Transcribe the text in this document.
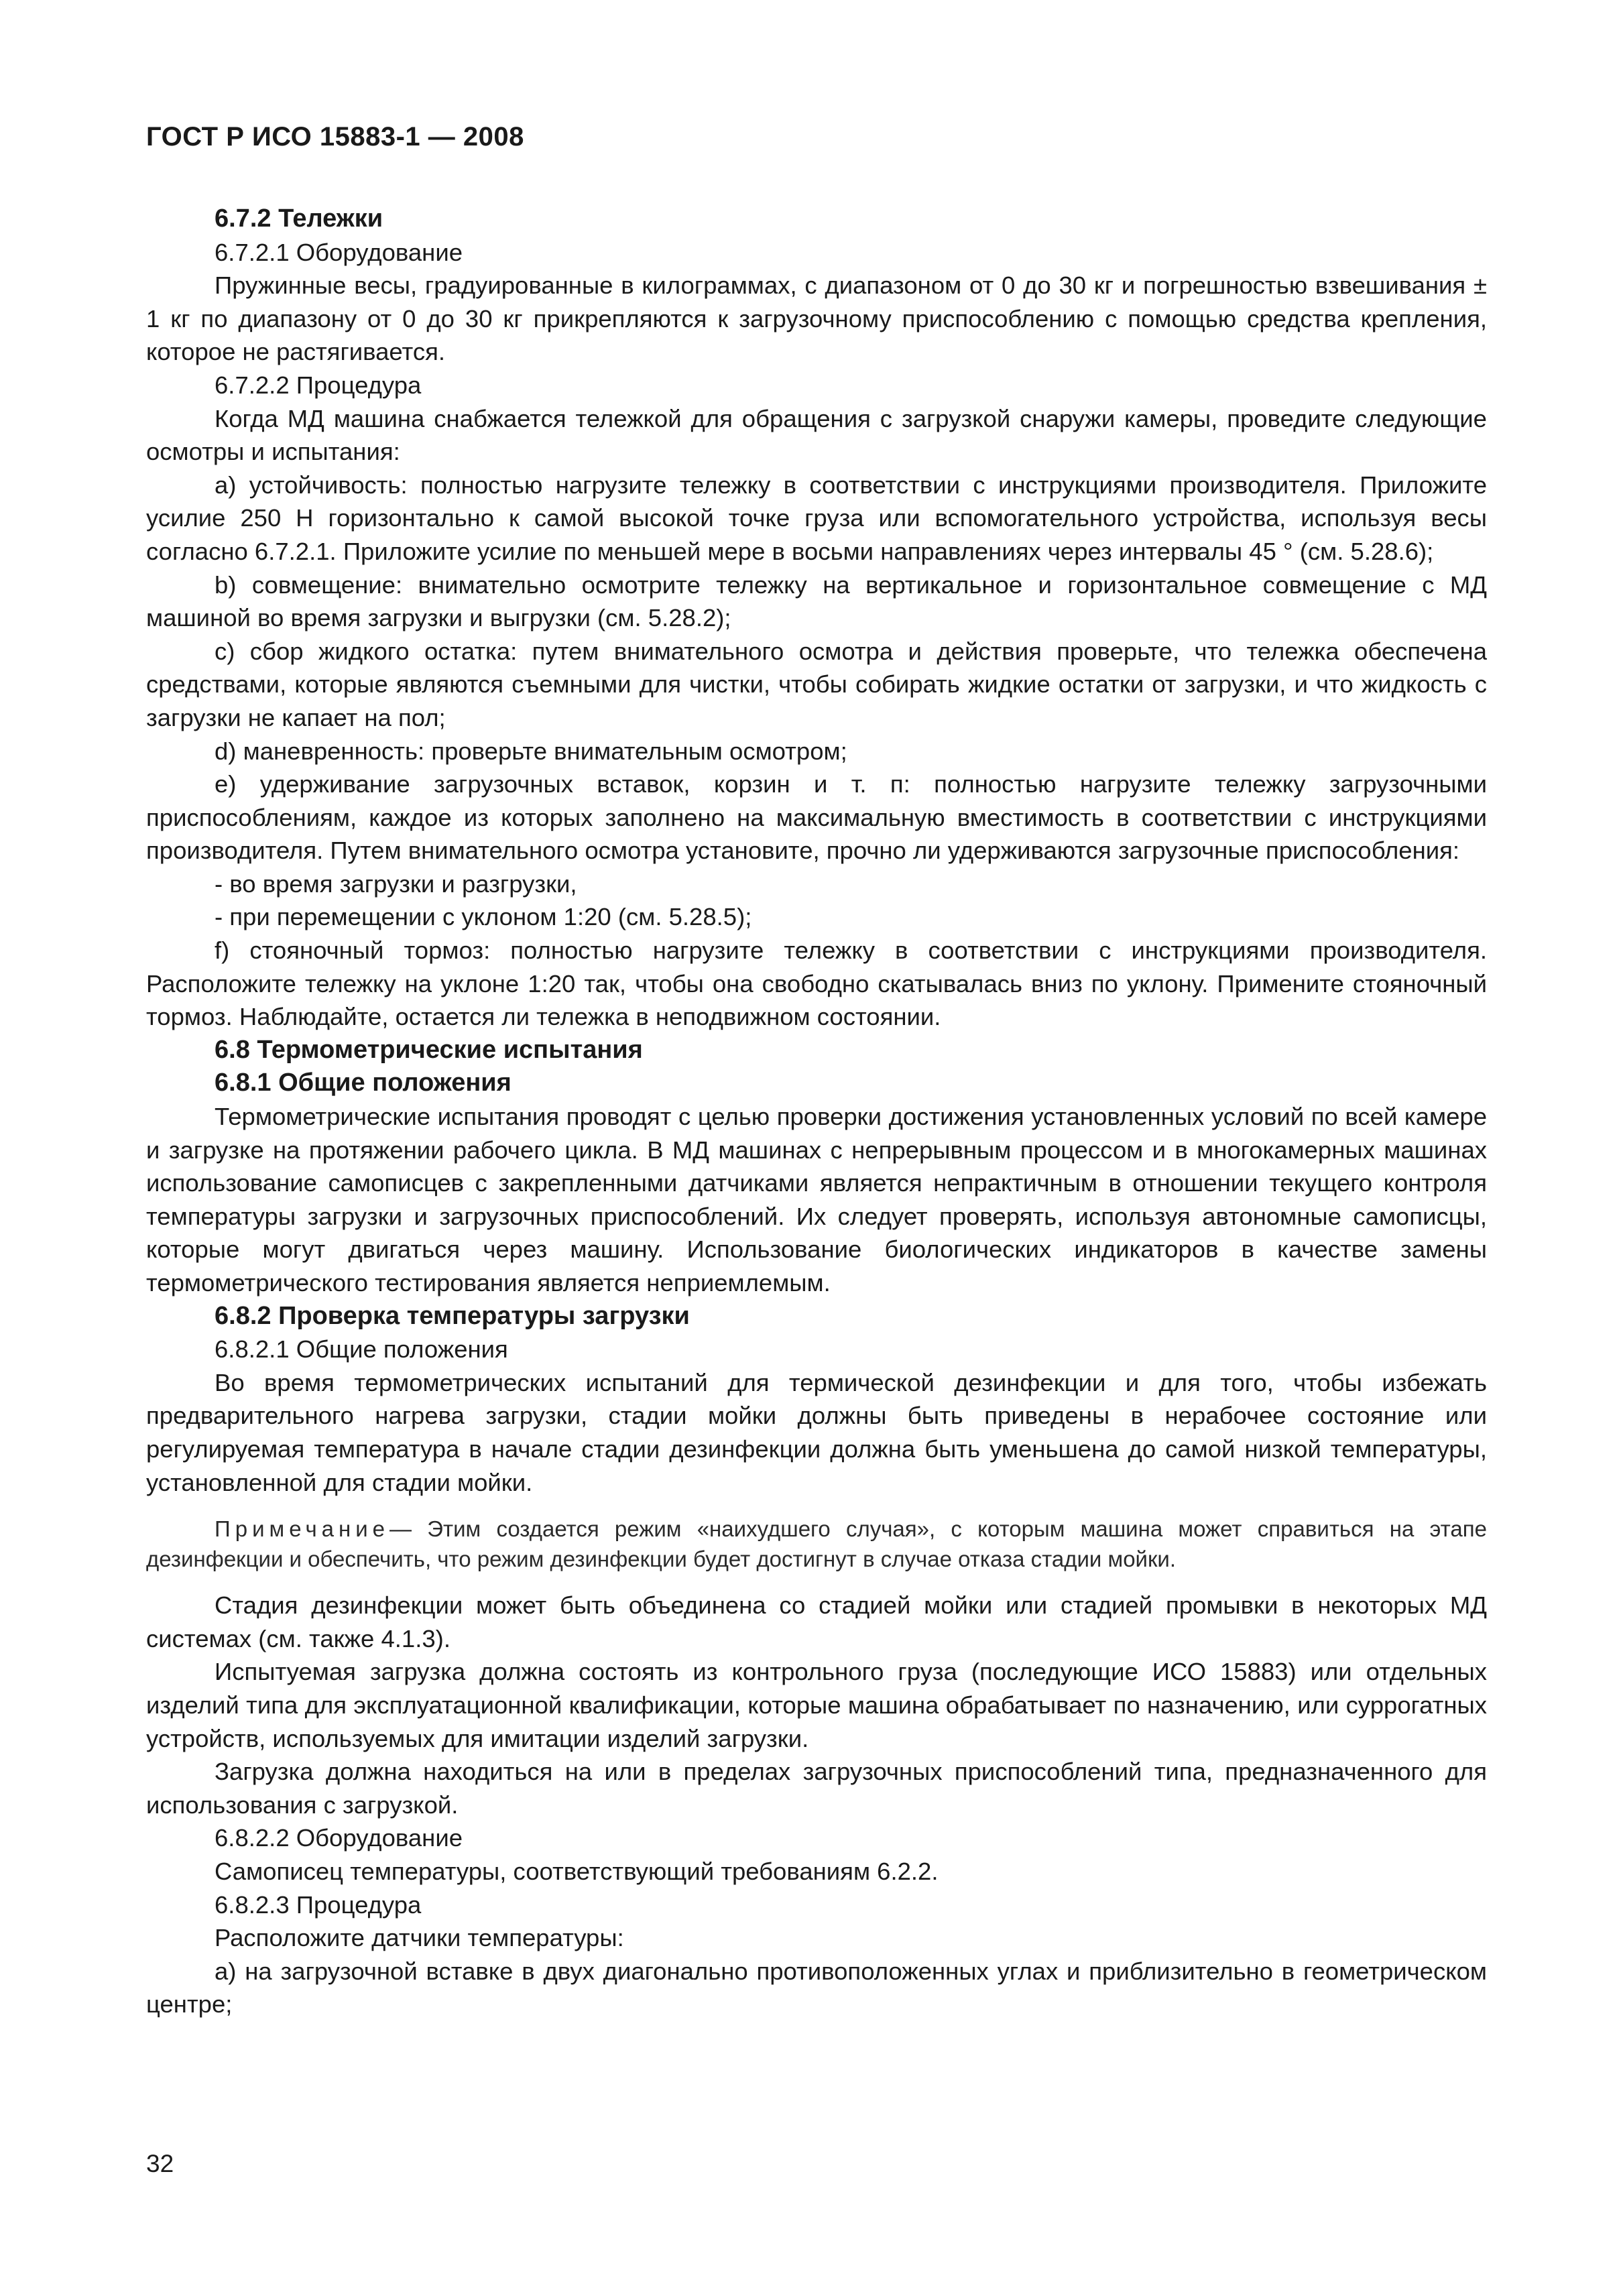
ГОСТ Р ИСО 15883-1 — 2008

6.7.2 Тележки

6.7.2.1 Оборудование

Пружинные весы, градуированные в килограммах, с диапазоном от 0 до 30 кг и погрешностью взвешивания ± 1 кг по диапазону от 0 до 30 кг прикрепляются к загрузочному приспособлению с помощью средства крепления, которое не растягивается.

6.7.2.2 Процедура

Когда МД машина снабжается тележкой для обращения с загрузкой снаружи камеры, проведите следующие осмотры и испытания:

a) устойчивость: полностью нагрузите тележку в соответствии с инструкциями производителя. Приложите усилие 250 Н горизонтально к самой высокой точке груза или вспомогательного устройства, используя весы согласно 6.7.2.1. Приложите усилие по меньшей мере в восьми направлениях через интервалы 45 ° (см. 5.28.6);

b) совмещение: внимательно осмотрите тележку на вертикальное и горизонтальное совмещение с МД машиной во время загрузки и выгрузки (см. 5.28.2);

c) сбор жидкого остатка: путем внимательного осмотра и действия проверьте, что тележка обеспечена средствами, которые являются съемными для чистки, чтобы собирать жидкие остатки от загрузки, и что жидкость с загрузки не капает на пол;

d) маневренность: проверьте внимательным осмотром;

e) удерживание загрузочных вставок, корзин и т. п: полностью нагрузите тележку загрузочными приспособлениям, каждое из которых заполнено на максимальную вместимость в соответствии с инструкциями производителя. Путем внимательного осмотра установите, прочно ли удерживаются загрузочные приспособления:

- во время загрузки и разгрузки,

- при перемещении с уклоном 1:20 (см. 5.28.5);

f) стояночный тормоз: полностью нагрузите тележку в соответствии с инструкциями производителя. Расположите тележку на уклоне 1:20 так, чтобы она свободно скатывалась вниз по уклону. Примените стояночный тормоз. Наблюдайте, остается ли тележка в неподвижном состоянии.

6.8 Термометрические испытания

6.8.1 Общие положения

Термометрические испытания проводят с целью проверки достижения установленных условий по всей камере и загрузке на протяжении рабочего цикла. В МД машинах с непрерывным процессом и в многокамерных машинах использование самописцев с закрепленными датчиками является непрактичным в отношении текущего контроля температуры загрузки и загрузочных приспособлений. Их следует проверять, используя автономные самописцы, которые могут двигаться через машину. Использование биологических индикаторов в качестве замены термометрического тестирования является неприемлемым.

6.8.2 Проверка температуры загрузки

6.8.2.1 Общие положения

Во время термометрических испытаний для термической дезинфекции и для того, чтобы избежать предварительного нагрева загрузки, стадии мойки должны быть приведены в нерабочее состояние или регулируемая температура в начале стадии дезинфекции должна быть уменьшена до самой низкой температуры, установленной для стадии мойки.

Примечание— Этим создается режим «наихудшего случая», с которым машина может справиться на этапе дезинфекции и обеспечить, что режим дезинфекции будет достигнут в случае отказа стадии мойки.

Стадия дезинфекции может быть объединена со стадией мойки или стадией промывки в некоторых МД системах (см. также 4.1.3).

Испытуемая загрузка должна состоять из контрольного груза (последующие ИСО 15883) или отдельных изделий типа для эксплуатационной квалификации, которые машина обрабатывает по назначению, или суррогатных устройств, используемых для имитации изделий загрузки.

Загрузка должна находиться на или в пределах загрузочных приспособлений типа, предназначенного для использования с загрузкой.

6.8.2.2 Оборудование

Самописец температуры, соответствующий требованиям 6.2.2.

6.8.2.3 Процедура

Расположите датчики температуры:

a) на загрузочной вставке в двух диагонально противоположенных углах и приблизительно в геометрическом центре;

32
